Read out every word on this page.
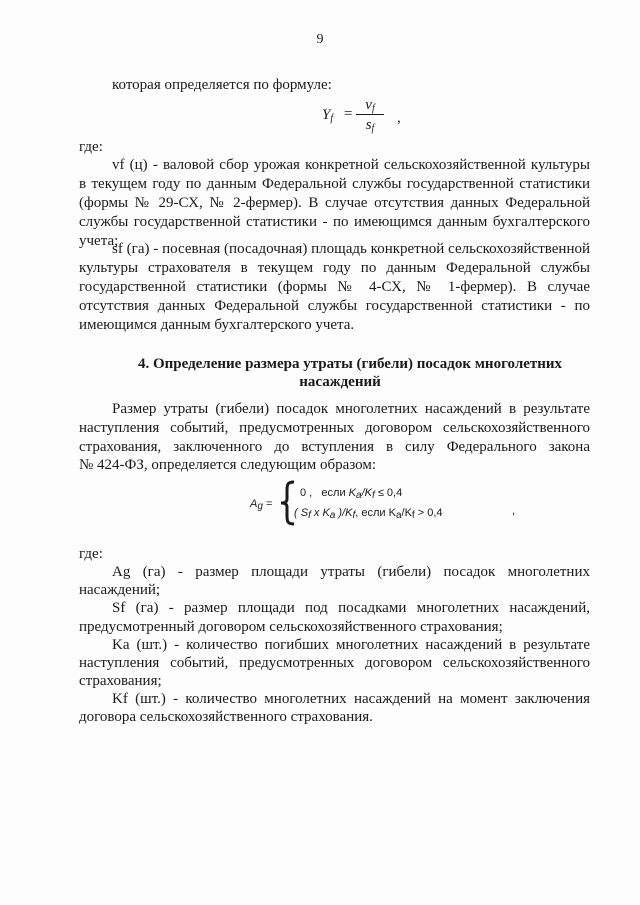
9
которая определяется по формуле:
$Y_f$ =
$v_f$
$s_f$
,
где:
vf (ц) - валовой сбор урожая конкретной сельскохозяйственной культуры
в текущем году по данным Федеральной службы государственной статистики
(формы № 29-СХ, № 2-фермер). В случае отсутствия данных Федеральной
службы государственной статистики - по имеющимся данным бухгалтерского
учета;
sf (га) - посевная (посадочная) площадь конкретной сельскохозяйственной
культуры страхователя в текущем году по данным Федеральной службы
государственной статистики (формы № 4-СХ, № 1-фермер). В случае
отсутствия данных Федеральной службы государственной статистики - по
имеющимся данным бухгалтерского учета.
4. Определение размера утраты (гибели) посадок многолетних
насаждений
Размер утраты (гибели) посадок многолетних насаждений в результате
наступления событий, предусмотренных договором сельскохозяйственного
страхования, заключенного до вступления в силу Федерального закона
№ 424-ФЗ, определяется следующим образом:
$A_g$ =
0 , если $K_a/K_f \le 0,4$
( $S_f$ x $K_a$ )$/K_f$, если $K_a/K_f > 0,4$	,
где:
Ag (га) - размер площади утраты (гибели) посадок многолетних
насаждений;
Sf (га) - размер площади под посадками многолетних насаждений,
предусмотренный договором сельскохозяйственного страхования;
Ka (шт.) - количество погибших многолетних насаждений в результате
наступления событий, предусмотренных договором сельскохозяйственного
страхования;
Kf (шт.) - количество многолетних насаждений на момент заключения
договора сельскохозяйственного страхования.
